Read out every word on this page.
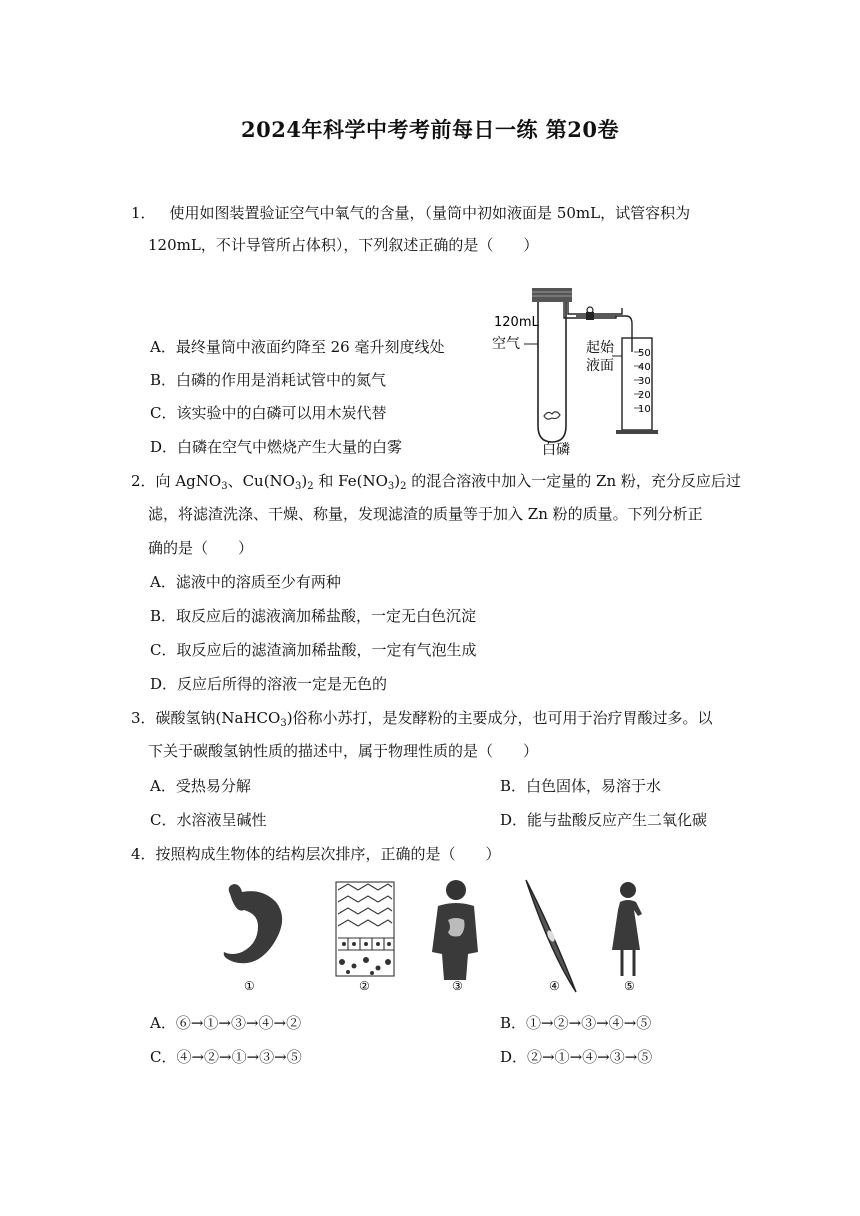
2024年科学中考考前每日一练 第20卷
1． 使用如图装置验证空气中氧气的含量，（量筒中初如液面是 50mL，试管容积为
120mL，不计导管所占体积），下列叙述正确的是（　　）
A．最终量筒中液面约降至 26 毫升刻度线处
B．白磷的作用是消耗试管中的氮气
C．该实验中的白磷可以用木炭代替
D．白磷在空气中燃烧产生大量的白雾
120mL
空气	起始
液面
白磷
50
40
30
20
10
2．向 AgNO$_3$、$Cu(NO_3)_2$ 和 $Fe(NO_3)_2$ 的混合溶液中加入一定量的 Zn 粉，充分反应后过
滤，将滤渣洗涤、干燥、称量，发现滤渣的质量等于加入 Zn 粉的质量。下列分析正
确的是（　　）
A．滤液中的溶质至少有两种
B．取反应后的滤液滴加稀盐酸，一定无白色沉淀
C．取反应后的滤渣滴加稀盐酸，一定有气泡生成
D．反应后所得的溶液一定是无色的
3．碳酸氢钠(NaHCO$_3$)俗称小苏打，是发酵粉的主要成分，也可用于治疗胃酸过多。以
下关于碳酸氢钠性质的描述中，属于物理性质的是（　　）
A．受热易分解	B．白色固体，易溶于水
C．水溶液呈碱性	D．能与盐酸反应产生二氧化碳
4．按照构成生物体的结构层次排序，正确的是（　　）
①	②	③	④	⑤
A．⑥→①→③→④→②	B．①→②→③→④→⑤
C．④→②→①→③→⑤	D．②→①→④→③→⑤
